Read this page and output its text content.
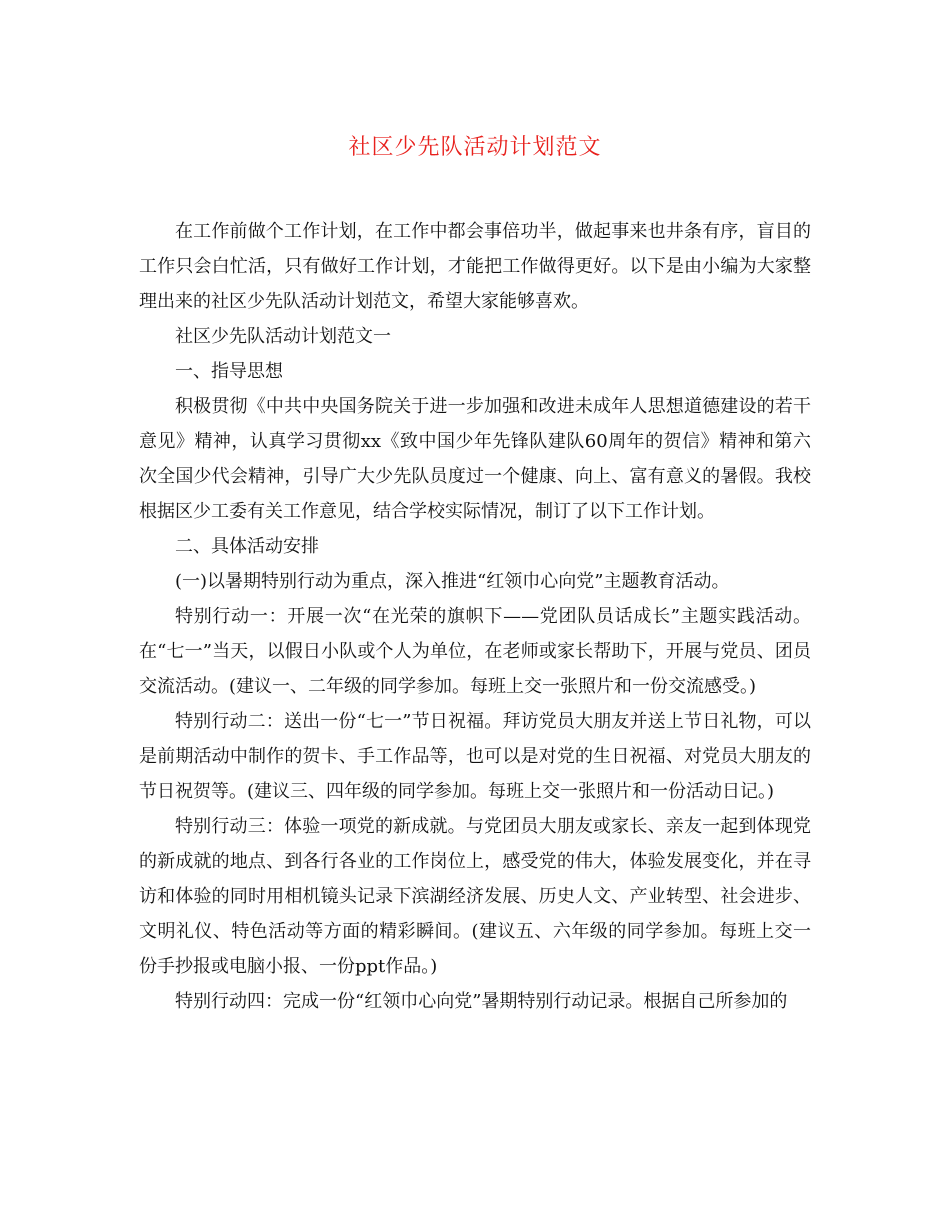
社区少先队活动计划范文

在工作前做个工作计划，在工作中都会事倍功半，做起事来也井条有序，盲目的工作只会白忙活，只有做好工作计划，才能把工作做得更好。以下是由小编为大家整理出来的社区少先队活动计划范文，希望大家能够喜欢。

社区少先队活动计划范文一

一、指导思想

积极贯彻《中共中央国务院关于进一步加强和改进未成年人思想道德建设的若干意见》精神，认真学习贯彻xx《致中国少年先锋队建队60周年的贺信》精神和第六次全国少代会精神，引导广大少先队员度过一个健康、向上、富有意义的暑假。我校根据区少工委有关工作意见，结合学校实际情况，制订了以下工作计划。

二、具体活动安排

(一)以暑期特别行动为重点，深入推进“红领巾心向党”主题教育活动。

特别行动一：开展一次“在光荣的旗帜下——党团队员话成长”主题实践活动。在“七一”当天，以假日小队或个人为单位，在老师或家长帮助下，开展与党员、团员交流活动。(建议一、二年级的同学参加。每班上交一张照片和一份交流感受。)

特别行动二：送出一份“七一”节日祝福。拜访党员大朋友并送上节日礼物，可以是前期活动中制作的贺卡、手工作品等，也可以是对党的生日祝福、对党员大朋友的节日祝贺等。(建议三、四年级的同学参加。每班上交一张照片和一份活动日记。)

特别行动三：体验一项党的新成就。与党团员大朋友或家长、亲友一起到体现党的新成就的地点、到各行各业的工作岗位上，感受党的伟大，体验发展变化，并在寻访和体验的同时用相机镜头记录下滨湖经济发展、历史人文、产业转型、社会进步、文明礼仪、特色活动等方面的精彩瞬间。(建议五、六年级的同学参加。每班上交一份手抄报或电脑小报、一份ppt作品。)

特别行动四：完成一份“红领巾心向党”暑期特别行动记录。根据自己所参加的
